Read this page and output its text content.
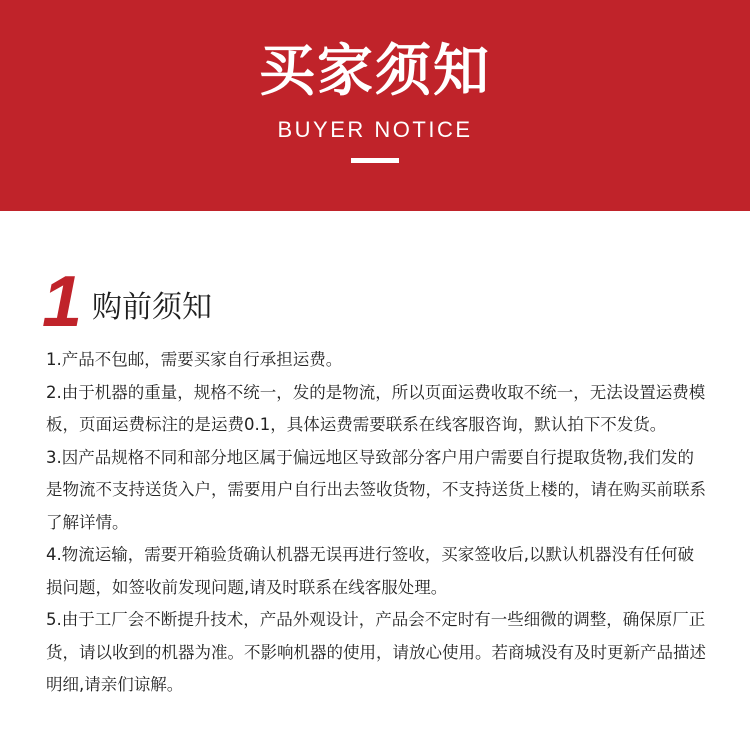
买家须知
BUYER NOTICE
1 购前须知

1.产品不包邮，需要买家自行承担运费。

2.由于机器的重量，规格不统一，发的是物流，所以页面运费收取不统一，无法设置运费模板，页面运费标注的是运费0.1，具体运费需要联系在线客服咨询，默认拍下不发货。

3.因产品规格不同和部分地区属于偏远地区导致部分客户用户需要自行提取货物,我们发的是物流不支持送货入户，需要用户自行出去签收货物，不支持送货上楼的，请在购买前联系了解详情。

4.物流运输，需要开箱验货确认机器无误再进行签收，买家签收后,以默认机器没有任何破损问题，如签收前发现问题,请及时联系在线客服处理。

5.由于工厂会不断提升技术，产品外观设计，产品会不定时有一些细微的调整，确保原厂正货，请以收到的机器为准。不影响机器的使用，请放心使用。若商城没有及时更新产品描述明细,请亲们谅解。
